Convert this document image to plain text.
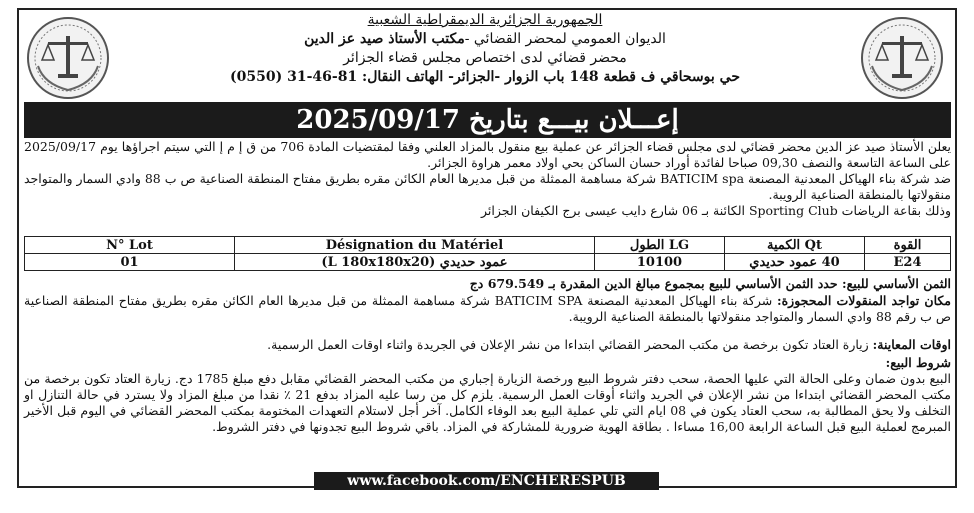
الجمهورية الجزائرية الديمقراطية الشعبية
الديوان العمومي لمحضر القضائي -مكتب الأستاذ صيد عز الدين
محضر قضائي لدى اختصاص مجلس قضاء الجزائر
حي بوسحاقي ف قطعة 148 باب الزوار -الجزائر- الهاتف النقال: 81-46-31 (0550)
إعـــلان بيـــع بتاريخ 2025/09/17

يعلن الأستاذ صيد عز الدين محضر قضائي لدى مجلس قضاء الجزائر عن عملية بيع منقول بالمزاد العلني وفقا لمقتضيات المادة 706 من ق إ م إ التي سيتم اجراؤها يوم 2025/09/17 على الساعة التاسعة والنصف 09,30 صباحا لفائدة أوراد حسان الساكن بحي اولاد معمر هراوة الجزائر.

ضد شركة بناء الهياكل المعدنية المصنعة BATICIM spa شركة مساهمة الممثلة من قبل مديرها العام الكائن مقره بطريق مفتاح المنطقة الصناعية ص ب 88 وادي السمار والمتواجد منقولاتها بالمنطقة الصناعية الرويبة.

وذلك بقاعة الرياضات Sporting Club الكائنة بـ 06 شارع دايب عيسى برج الكيفان الجزائر

N° Lot	Désignation du Matériel	الطول LG	الكمية Qt	القوة
01	عمود حديدي (L 180x180x20)	10100	40 عمود حديدي	E24
الثمن الأساسي للبيع: حدد الثمن الأساسي للبيع بمجموع مبالغ الدين المقدرة بـ 679.549 دج
مكان تواجد المنقولات المحجوزة: شركة بناء الهياكل المعدنية المصنعة BATICIM SPA شركة مساهمة الممثلة من قبل مديرها العام الكائن مقره بطريق مفتاح المنطقة الصناعية ص ب رقم 88 وادي السمار والمتواجد منقولاتها بالمنطقة الصناعية الرويبة.
اوقات المعاينة: زيارة العتاد تكون برخصة من مكتب المحضر القضائي ابتداءا من نشر الإعلان في الجريدة واثناء اوقات العمل الرسمية.
شروط البيع:
البيع بدون ضمان وعلى الحالة التي عليها الحصة، سحب دفتر شروط البيع ورخصة الزيارة إجباري من مكتب المحضر القضائي مقابل دفع مبلغ 1785 دج. زيارة العتاد تكون برخصة من مكتب المحضر القضائي ابتداءا من نشر الإعلان في الجريد واثناء أوقات العمل الرسمية. يلزم كل من رسا عليه المزاد بدفع 21 ٪ نقدا من مبلغ المزاد ولا يسترد في حالة التنازل او التخلف ولا يحق المطالبة به، سحب العتاد يكون في 08 ايام التي تلي عملية البيع بعد الوفاء الكامل. آخر أجل لاستلام التعهدات المختومة بمكتب المحضر القضائي في اليوم قبل الأخير المبرمج لعملية البيع قبل الساعة الرابعة 16,00 مساءا . بطاقة الهوية ضرورية للمشاركة في المزاد. باقي شروط البيع تجدونها في دفتر الشروط.
www.facebook.com/ENCHERESPUB
